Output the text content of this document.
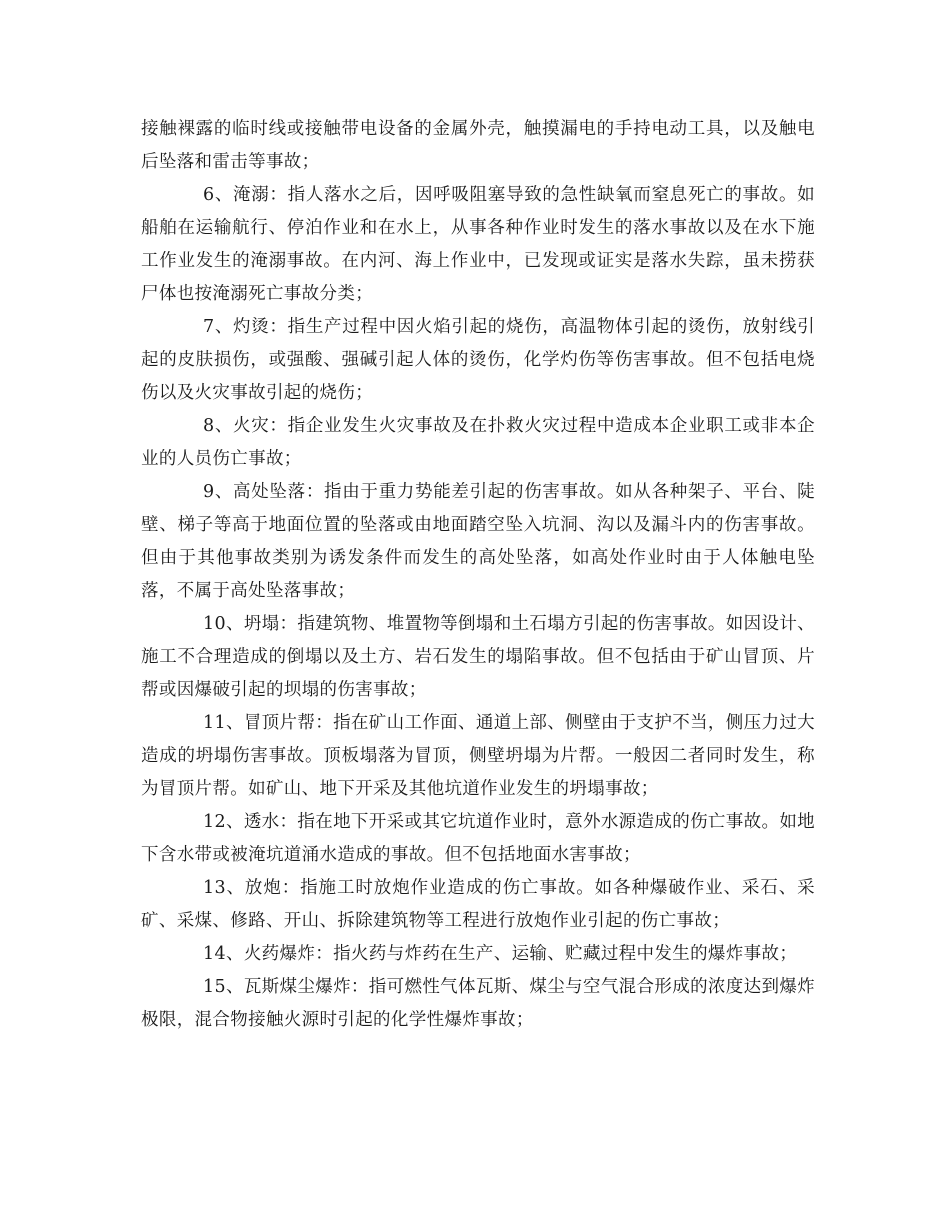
接触裸露的临时线或接触带电设备的金属外壳，触摸漏电的手持电动工具，以及触电后坠落和雷击等事故；

6、淹溺：指人落水之后，因呼吸阻塞导致的急性缺氧而窒息死亡的事故。如船舶在运输航行、停泊作业和在水上，从事各种作业时发生的落水事故以及在水下施工作业发生的淹溺事故。在内河、海上作业中，已发现或证实是落水失踪，虽未捞获尸体也按淹溺死亡事故分类；

7、灼烫：指生产过程中因火焰引起的烧伤，高温物体引起的烫伤，放射线引起的皮肤损伤，或强酸、强碱引起人体的烫伤，化学灼伤等伤害事故。但不包括电烧伤以及火灾事故引起的烧伤；

8、火灾：指企业发生火灾事故及在扑救火灾过程中造成本企业职工或非本企业的人员伤亡事故；

9、高处坠落：指由于重力势能差引起的伤害事故。如从各种架子、平台、陡壁、梯子等高于地面位置的坠落或由地面踏空坠入坑洞、沟以及漏斗内的伤害事故。但由于其他事故类别为诱发条件而发生的高处坠落，如高处作业时由于人体触电坠落，不属于高处坠落事故；

10、坍塌：指建筑物、堆置物等倒塌和土石塌方引起的伤害事故。如因设计、施工不合理造成的倒塌以及土方、岩石发生的塌陷事故。但不包括由于矿山冒顶、片帮或因爆破引起的坝塌的伤害事故；

11、冒顶片帮：指在矿山工作面、通道上部、侧壁由于支护不当，侧压力过大造成的坍塌伤害事故。顶板塌落为冒顶，侧壁坍塌为片帮。一般因二者同时发生，称为冒顶片帮。如矿山、地下开采及其他坑道作业发生的坍塌事故；

12、透水：指在地下开采或其它坑道作业时，意外水源造成的伤亡事故。如地下含水带或被淹坑道涌水造成的事故。但不包括地面水害事故；

13、放炮：指施工时放炮作业造成的伤亡事故。如各种爆破作业、采石、采矿、采煤、修路、开山、拆除建筑物等工程进行放炮作业引起的伤亡事故；

14、火药爆炸：指火药与炸药在生产、运输、贮藏过程中发生的爆炸事故；

15、瓦斯煤尘爆炸：指可燃性气体瓦斯、煤尘与空气混合形成的浓度达到爆炸极限，混合物接触火源时引起的化学性爆炸事故；
